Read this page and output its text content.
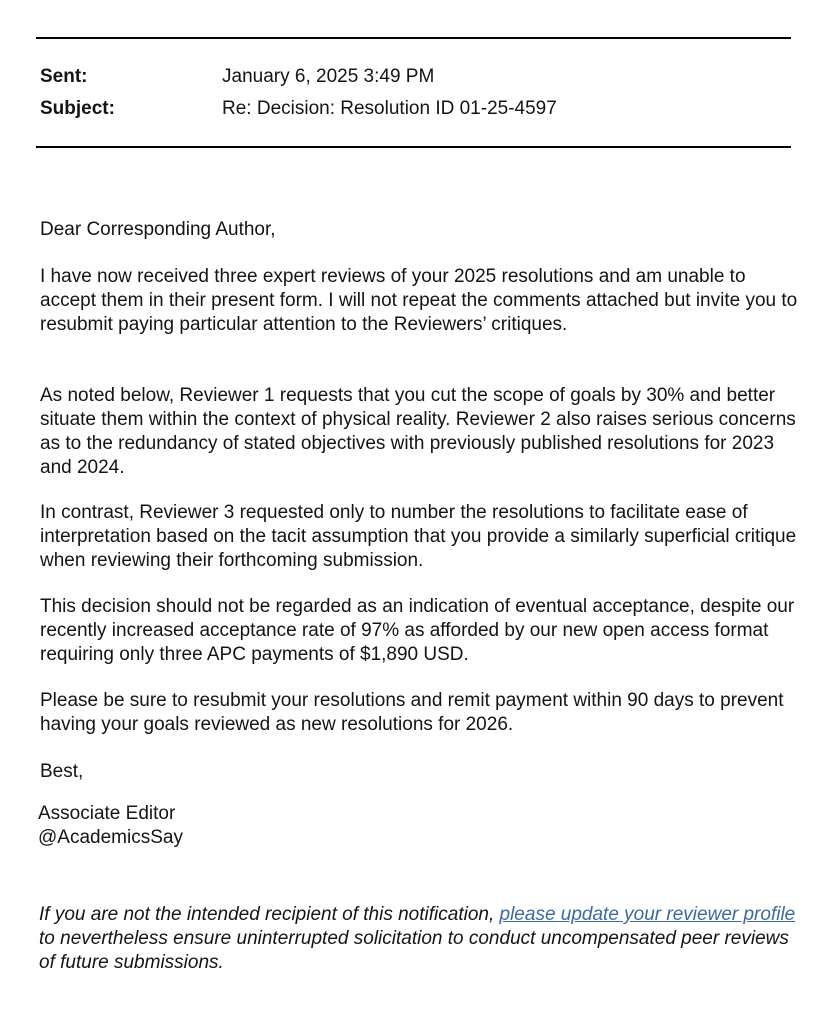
Sent:	January 6, 2025 3:49 PM
Subject:	Re: Decision: Resolution ID 01-25-4597

Dear Corresponding Author,

I have now received three expert reviews of your 2025 resolutions and am unable to accept them in their present form. I will not repeat the comments attached but invite you to resubmit paying particular attention to the Reviewers’ critiques.

As noted below, Reviewer 1 requests that you cut the scope of goals by 30% and better situate them within the context of physical reality. Reviewer 2 also raises serious concerns as to the redundancy of stated objectives with previously published resolutions for 2023 and 2024.

In contrast, Reviewer 3 requested only to number the resolutions to facilitate ease of interpretation based on the tacit assumption that you provide a similarly superficial critique when reviewing their forthcoming submission.

This decision should not be regarded as an indication of eventual acceptance, despite our recently increased acceptance rate of 97% as afforded by our new open access format requiring only three APC payments of $1,890 USD.

Please be sure to resubmit your resolutions and remit payment within 90 days to prevent having your goals reviewed as new resolutions for 2026.

Best,

Associate Editor
@AcademicsSay

If you are not the intended recipient of this notification, please update your reviewer profile to nevertheless ensure uninterrupted solicitation to conduct uncompensated peer reviews of future submissions.
